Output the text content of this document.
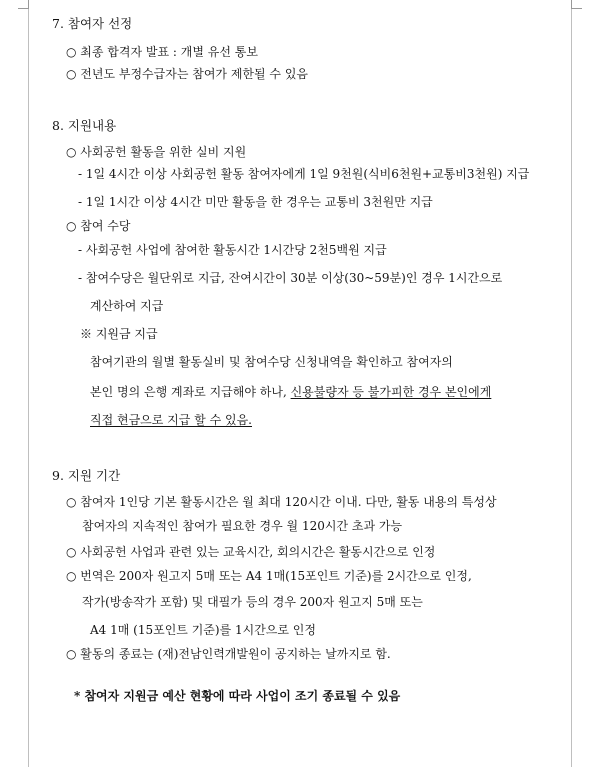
7. 참여자 선정
○ 최종 합격자 발표 : 개별 유선 통보
○ 전년도 부정수급자는 참여가 제한될 수 있음
8. 지원내용
○ 사회공헌 활동을 위한 실비 지원
- 1일 4시간 이상 사회공헌 활동 참여자에게 1일 9천원(식비6천원+교통비3천원) 지급
- 1일 1시간 이상 4시간 미만 활동을 한 경우는 교통비 3천원만 지급
○ 참여 수당
- 사회공헌 사업에 참여한 활동시간 1시간당 2천5백원 지급
- 참여수당은 월단위로 지급, 잔여시간이 30분 이상(30~59분)인 경우 1시간으로
계산하여 지급
※ 지원금 지급
참여기관의 월별 활동실비 및 참여수당 신청내역을 확인하고 참여자의
본인 명의 은행 계좌로 지급해야 하나, 신용불량자 등 불가피한 경우 본인에게
직접 현금으로 지급 할 수 있음.
9. 지원 기간
○ 참여자 1인당 기본 활동시간은 월 최대 120시간 이내. 다만, 활동 내용의 특성상
참여자의 지속적인 참여가 필요한 경우 월 120시간 초과 가능
○ 사회공헌 사업과 관련 있는 교육시간, 회의시간은 활동시간으로 인정
○ 번역은 200자 원고지 5매 또는 A4 1매(15포인트 기준)를 2시간으로 인정,
작가(방송작가 포함) 및 대필가 등의 경우 200자 원고지 5매 또는
A4 1매 (15포인트 기준)를 1시간으로 인정
○ 활동의 종료는 (재)전남인력개발원이 공지하는 날까지로 함.
* 참여자 지원금 예산 현황에 따라 사업이 조기 종료될 수 있음
